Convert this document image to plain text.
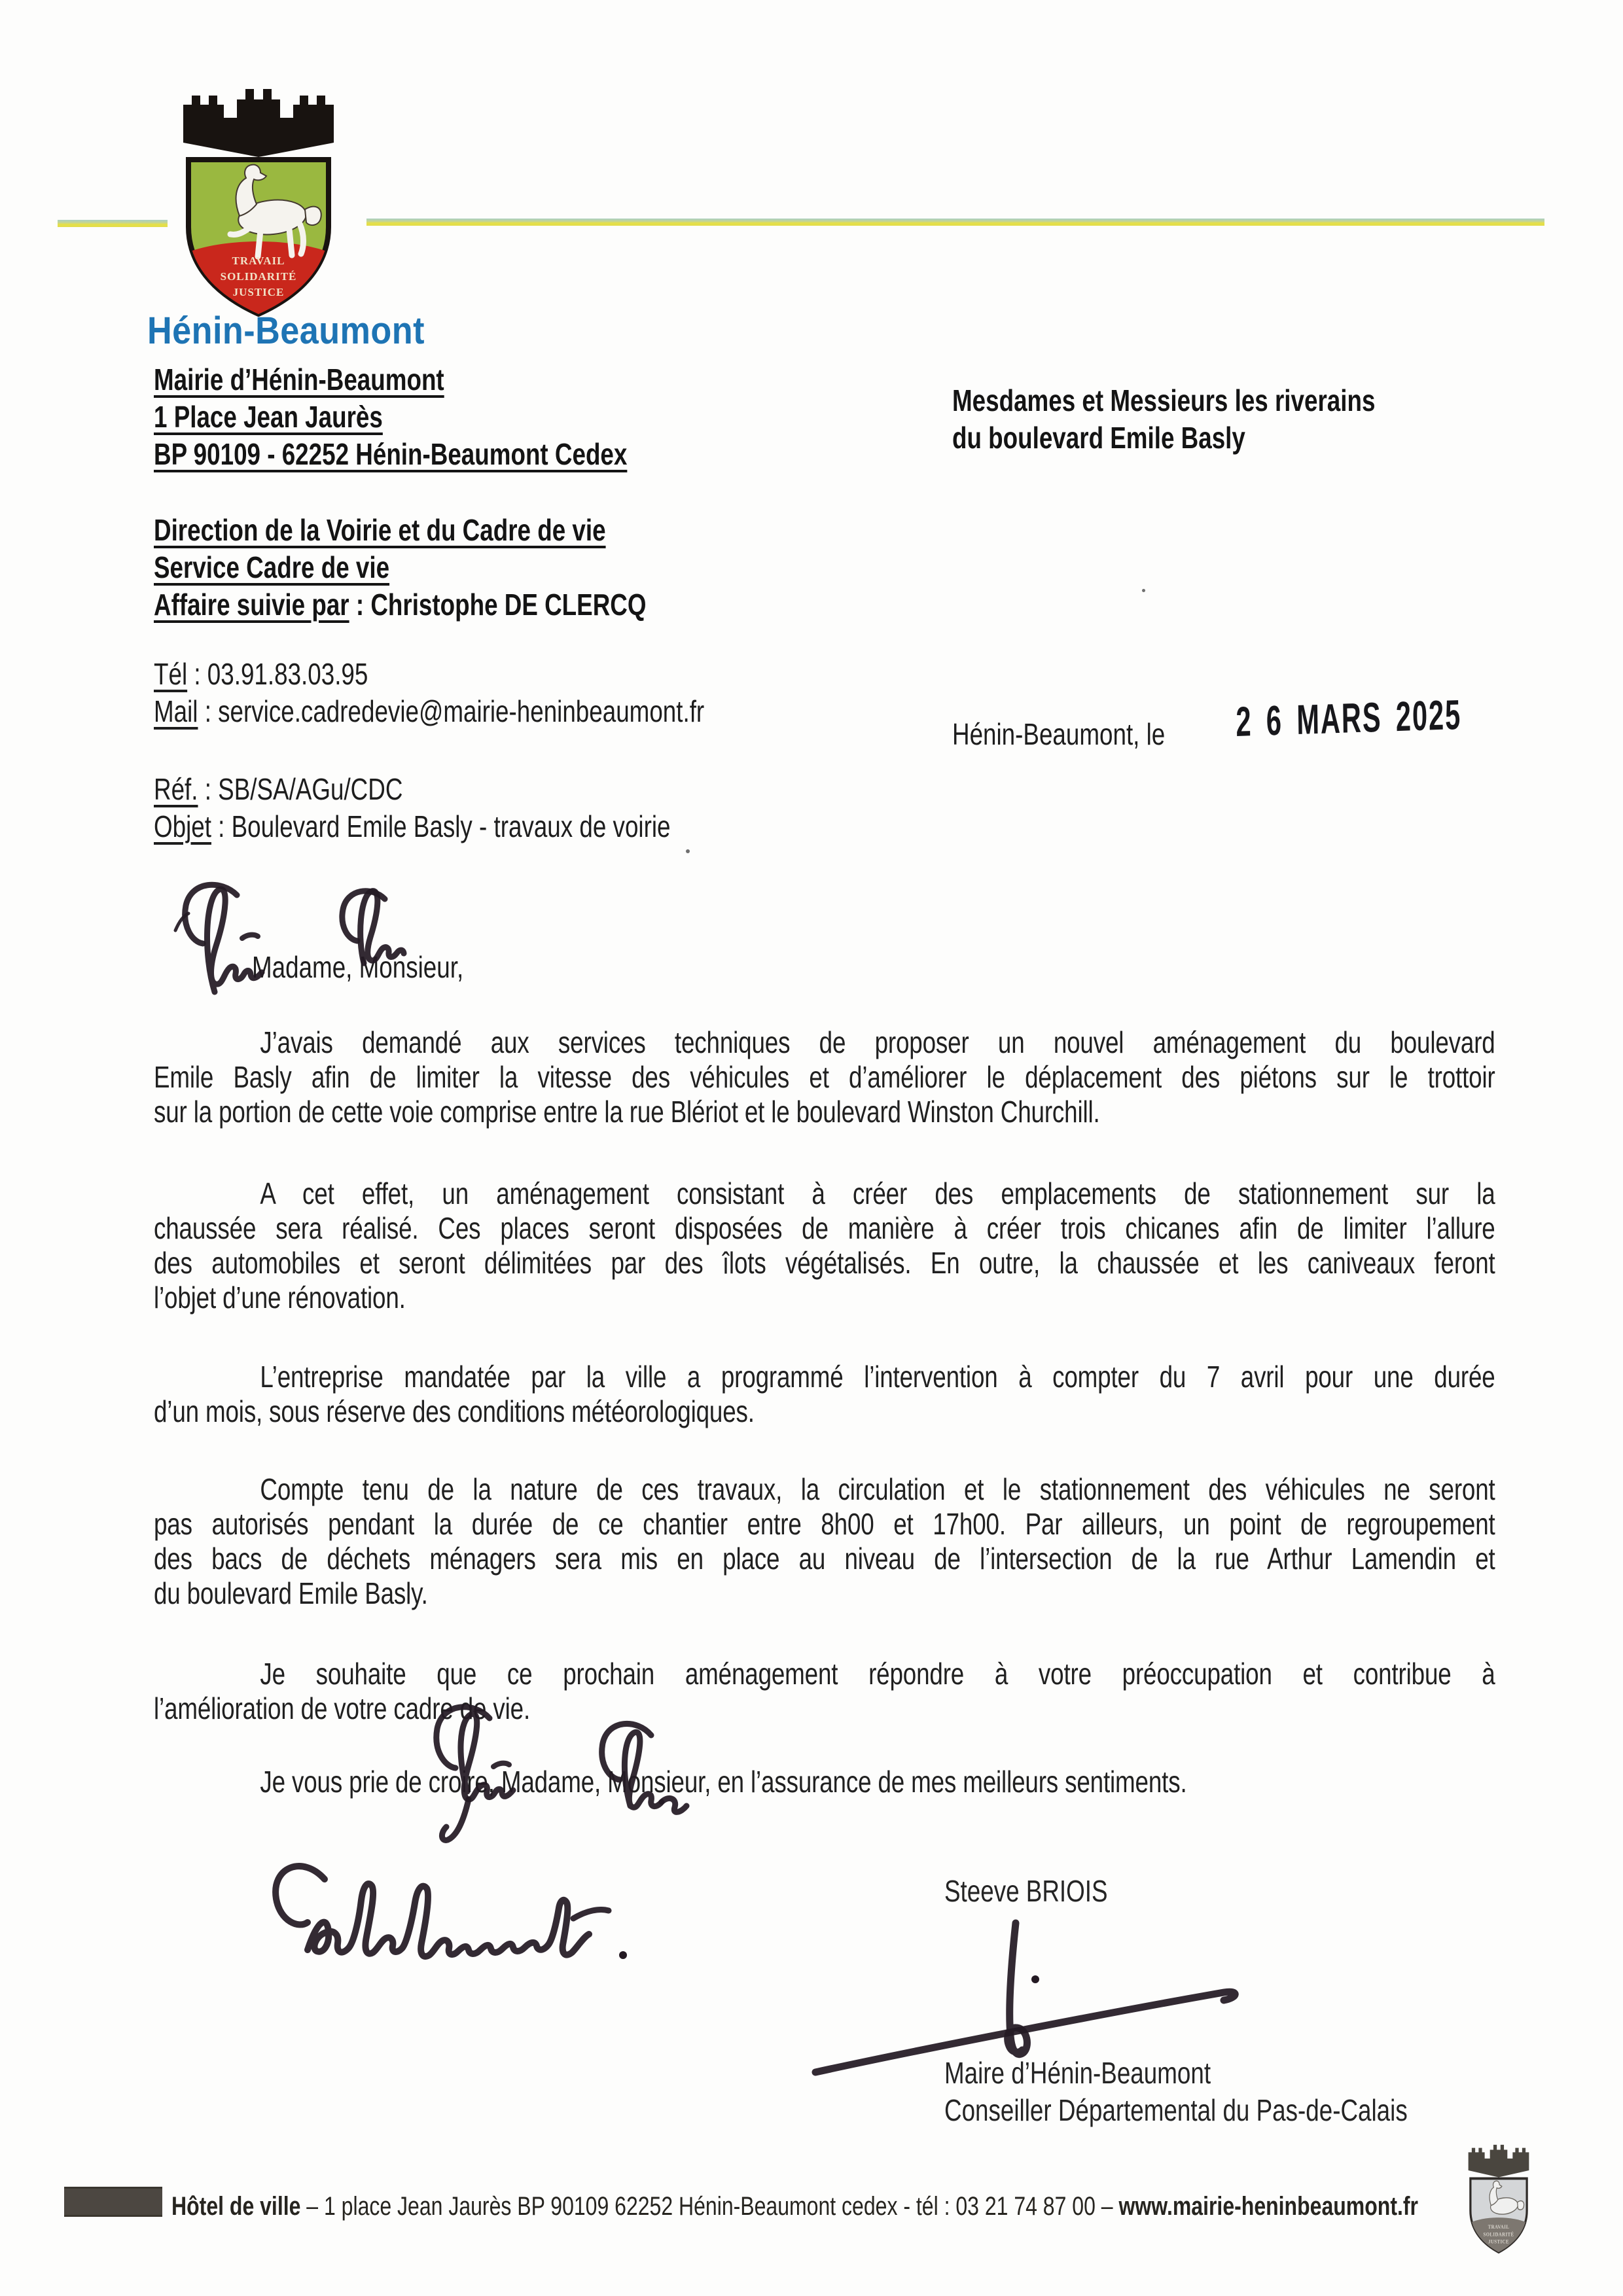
TRAVAIL
SOLIDARITÉ
JUSTICE
Hénin-Beaumont
Mairie d’Hénin-Beaumont
1 Place Jean Jaurès
BP 90109 - 62252 Hénin-Beaumont Cedex
Mesdames et Messieurs les riverains
du boulevard Emile Basly
Direction de la Voirie et du Cadre de vie
Service Cadre de vie
Affaire suivie par : Christophe DE CLERCQ
Tél : 03.91.83.03.95
Mail : service.cadredevie@mairie-heninbeaumont.fr
Hénin-Beaumont, le 2 6 MARS 2025
Réf. : SB/SA/AGu/CDC
Objet : Boulevard Emile Basly - travaux de voirie
Madame, Monsieur,
J’avais demandé aux services techniques de proposer un nouvel aménagement du boulevard
Emile Basly afin de limiter la vitesse des véhicules et d’améliorer le déplacement des piétons sur le trottoir
sur la portion de cette voie comprise entre la rue Blériot et le boulevard Winston Churchill.
A cet effet, un aménagement consistant à créer des emplacements de stationnement sur la
chaussée sera réalisé. Ces places seront disposées de manière à créer trois chicanes afin de limiter l’allure
des automobiles et seront délimitées par des îlots végétalisés. En outre, la chaussée et les caniveaux feront
l’objet d’une rénovation.
L’entreprise mandatée par la ville a programmé l’intervention à compter du 7 avril pour une durée
d’un mois, sous réserve des conditions météorologiques.
Compte tenu de la nature de ces travaux, la circulation et le stationnement des véhicules ne seront
pas autorisés pendant la durée de ce chantier entre 8h00 et 17h00. Par ailleurs, un point de regroupement
des bacs de déchets ménagers sera mis en place au niveau de l’intersection de la rue Arthur Lamendin et
du boulevard Emile Basly.
Je souhaite que ce prochain aménagement répondre à votre préoccupation et contribue à
l’amélioration de votre cadre de vie.
Je vous prie de croire, Madame, Monsieur, en l’assurance de mes meilleurs sentiments.
Steeve BRIOIS
Maire d’Hénin-Beaumont
Conseiller Départemental du Pas-de-Calais
Hôtel de ville – 1 place Jean Jaurès BP 90109 62252 Hénin-Beaumont cedex - tél : 03 21 74 87 00 – www.mairie-heninbeaumont.fr
TRAVAIL
SOLIDARITÉ
JUSTICE
